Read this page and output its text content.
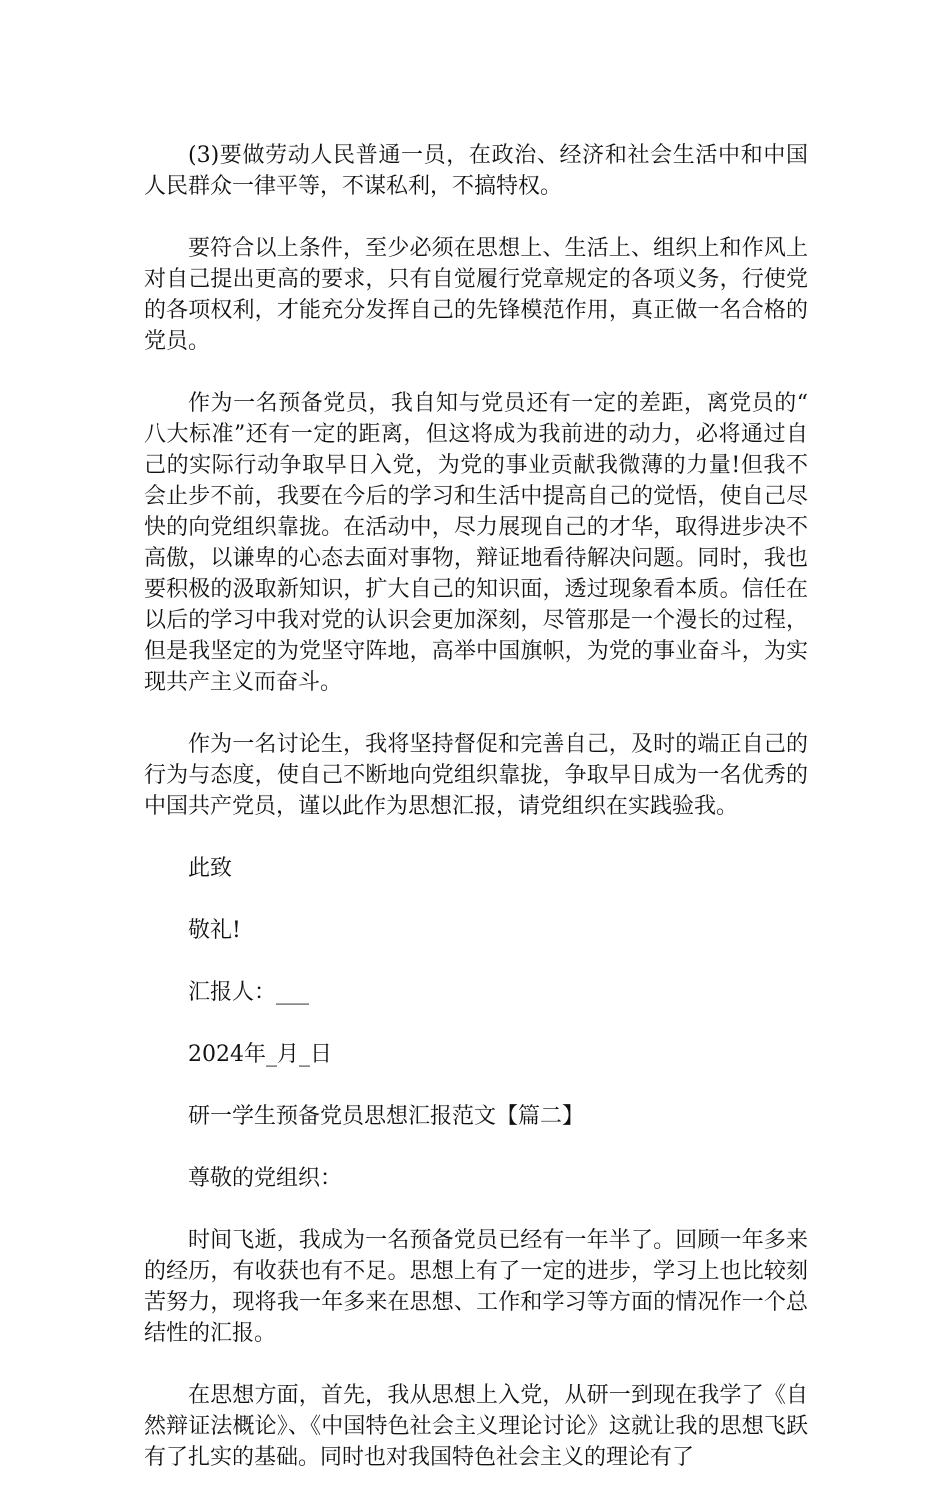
(3)要做劳动人民普通一员，在政治、经济和社会生活中和中国人民群众一律平等，不谋私利，不搞特权。

要符合以上条件，至少必须在思想上、生活上、组织上和作风上对自己提出更高的要求，只有自觉履行党章规定的各项义务，行使党的各项权利，才能充分发挥自己的先锋模范作用，真正做一名合格的党员。

作为一名预备党员，我自知与党员还有一定的差距，离党员的“八大标准”还有一定的距离，但这将成为我前进的动力，必将通过自己的实际行动争取早日入党，为党的事业贡献我微薄的力量!但我不会止步不前，我要在今后的学习和生活中提高自己的觉悟，使自己尽快的向党组织靠拢。在活动中，尽力展现自己的才华，取得进步决不高傲，以谦卑的心态去面对事物，辩证地看待解决问题。同时，我也要积极的汲取新知识，扩大自己的知识面，透过现象看本质。信任在以后的学习中我对党的认识会更加深刻，尽管那是一个漫长的过程，但是我坚定的为党坚守阵地，高举中国旗帜，为党的事业奋斗，为实现共产主义而奋斗。

作为一名讨论生，我将坚持督促和完善自己，及时的端正自己的行为与态度，使自己不断地向党组织靠拢，争取早日成为一名优秀的中国共产党员，谨以此作为思想汇报，请党组织在实践验我。

此致

敬礼!

汇报人：___

2024年_月_日

研一学生预备党员思想汇报范文【篇二】

尊敬的党组织：

时间飞逝，我成为一名预备党员已经有一年半了。回顾一年多来的经历，有收获也有不足。思想上有了一定的进步，学习上也比较刻苦努力，现将我一年多来在思想、工作和学习等方面的情况作一个总结性的汇报。

在思想方面，首先，我从思想上入党，从研一到现在我学了《自然辩证法概论》、《中国特色社会主义理论讨论》这就让我的思想飞跃有了扎实的基础。同时也对我国特色社会主义的理论有了
